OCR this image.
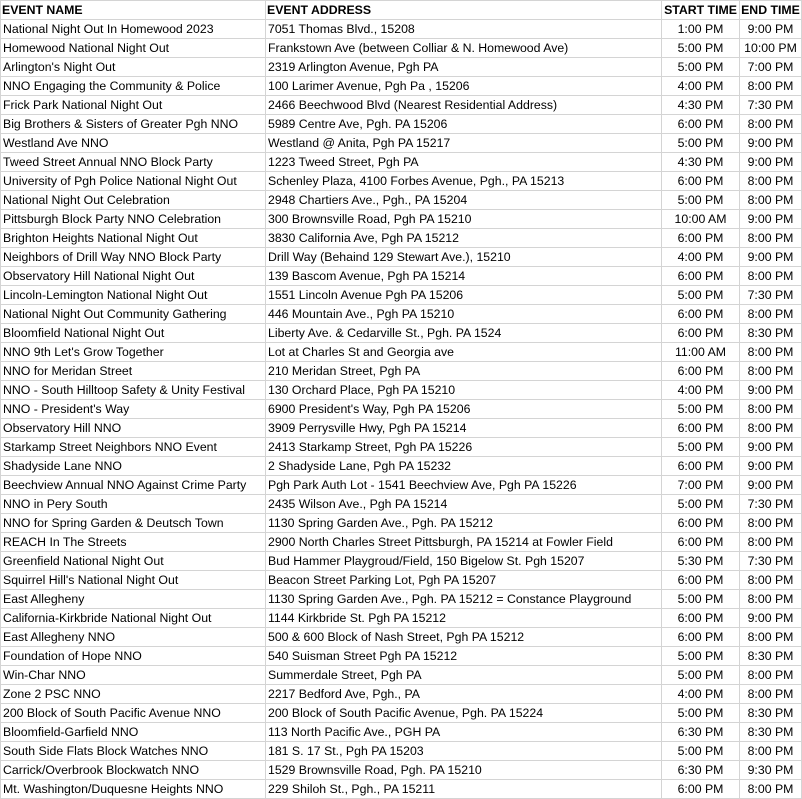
EVENT NAME	EVENT ADDRESS	START TIME	END TIME
National Night Out In Homewood 2023	7051 Thomas Blvd., 15208	1:00 PM	9:00 PM
Homewood National Night Out	Frankstown Ave (between Colliar & N. Homewood Ave)	5:00 PM	10:00 PM
Arlington's Night Out	2319 Arlington Avenue, Pgh PA	5:00 PM	7:00 PM
NNO Engaging the Community & Police	100 Larimer Avenue, Pgh Pa , 15206	4:00 PM	8:00 PM
Frick Park National Night Out	2466 Beechwood Blvd (Nearest Residential Address)	4:30 PM	7:30 PM
Big Brothers & Sisters of Greater Pgh NNO	5989 Centre Ave, Pgh. PA 15206	6:00 PM	8:00 PM
Westland Ave NNO	Westland @ Anita, Pgh PA 15217	5:00 PM	9:00 PM
Tweed Street Annual NNO Block Party	1223 Tweed Street, Pgh PA	4:30 PM	9:00 PM
University of Pgh Police National Night Out	Schenley Plaza, 4100 Forbes Avenue, Pgh., PA 15213	6:00 PM	8:00 PM
National Night Out Celebration	2948 Chartiers Ave., Pgh., PA 15204	5:00 PM	8:00 PM
Pittsburgh Block Party NNO Celebration	300 Brownsville Road, Pgh PA 15210	10:00 AM	9:00 PM
Brighton Heights National Night Out	3830 California Ave, Pgh PA 15212	6:00 PM	8:00 PM
Neighbors of Drill Way NNO Block Party	Drill Way (Behaind 129 Stewart Ave.), 15210	4:00 PM	9:00 PM
Observatory Hill National Night Out	139 Bascom Avenue, Pgh PA 15214	6:00 PM	8:00 PM
Lincoln-Lemington National Night Out	1551 Lincoln Avenue Pgh PA 15206	5:00 PM	7:30 PM
National Night Out Community Gathering	446 Mountain Ave., Pgh PA 15210	6:00 PM	8:00 PM
Bloomfield National Night Out	Liberty Ave. & Cedarville St., Pgh. PA 1524	6:00 PM	8:30 PM
NNO 9th Let's Grow Together	Lot at Charles St and Georgia ave	11:00 AM	8:00 PM
NNO for Meridan Street	210 Meridan Street, Pgh PA	6:00 PM	8:00 PM
NNO - South Hilltoop Safety & Unity Festival	130 Orchard Place, Pgh PA 15210	4:00 PM	9:00 PM
NNO - President's Way	6900 President's Way, Pgh PA 15206	5:00 PM	8:00 PM
Observatory Hill NNO	3909 Perrysville Hwy, Pgh PA 15214	6:00 PM	8:00 PM
Starkamp Street Neighbors NNO Event	2413 Starkamp Street, Pgh PA 15226	5:00 PM	9:00 PM
Shadyside Lane NNO	2 Shadyside Lane, Pgh PA 15232	6:00 PM	9:00 PM
Beechview Annual NNO Against Crime Party	Pgh Park Auth Lot - 1541 Beechview Ave, Pgh PA 15226	7:00 PM	9:00 PM
NNO in Pery South	2435 Wilson Ave., Pgh PA 15214	5:00 PM	7:30 PM
NNO for Spring Garden & Deutsch Town	1130 Spring Garden Ave., Pgh. PA 15212	6:00 PM	8:00 PM
REACH In The Streets	2900 North Charles Street Pittsburgh, PA 15214 at Fowler Field	6:00 PM	8:00 PM
Greenfield National Night Out	Bud Hammer Playgroud/Field, 150 Bigelow St. Pgh 15207	5:30 PM	7:30 PM
Squirrel Hill's National Night Out	Beacon Street Parking Lot, Pgh PA 15207	6:00 PM	8:00 PM
East Allegheny	1130 Spring Garden Ave., Pgh. PA 15212 = Constance Playground	5:00 PM	8:00 PM
California-Kirkbride National Night Out	1144 Kirkbride St. Pgh PA 15212	6:00 PM	9:00 PM
East Allegheny NNO	500 & 600 Block of Nash Street, Pgh PA 15212	6:00 PM	8:00 PM
Foundation of Hope NNO	540 Suisman Street Pgh PA 15212	5:00 PM	8:30 PM
Win-Char NNO	Summerdale Street, Pgh PA	5:00 PM	8:00 PM
Zone 2 PSC NNO	2217 Bedford Ave, Pgh., PA	4:00 PM	8:00 PM
200 Block of South Pacific Avenue NNO	200 Block of South Pacific Avenue, Pgh. PA 15224	5:00 PM	8:30 PM
Bloomfield-Garfield NNO	113 North Pacific Ave., PGH PA	6:30 PM	8:30 PM
South Side Flats Block Watches NNO	181 S. 17 St., Pgh PA 15203	5:00 PM	8:00 PM
Carrick/Overbrook Blockwatch NNO	1529 Brownsville Road, Pgh. PA 15210	6:30 PM	9:30 PM
Mt. Washington/Duquesne Heights NNO	229 Shiloh St., Pgh., PA 15211	6:00 PM	8:00 PM
